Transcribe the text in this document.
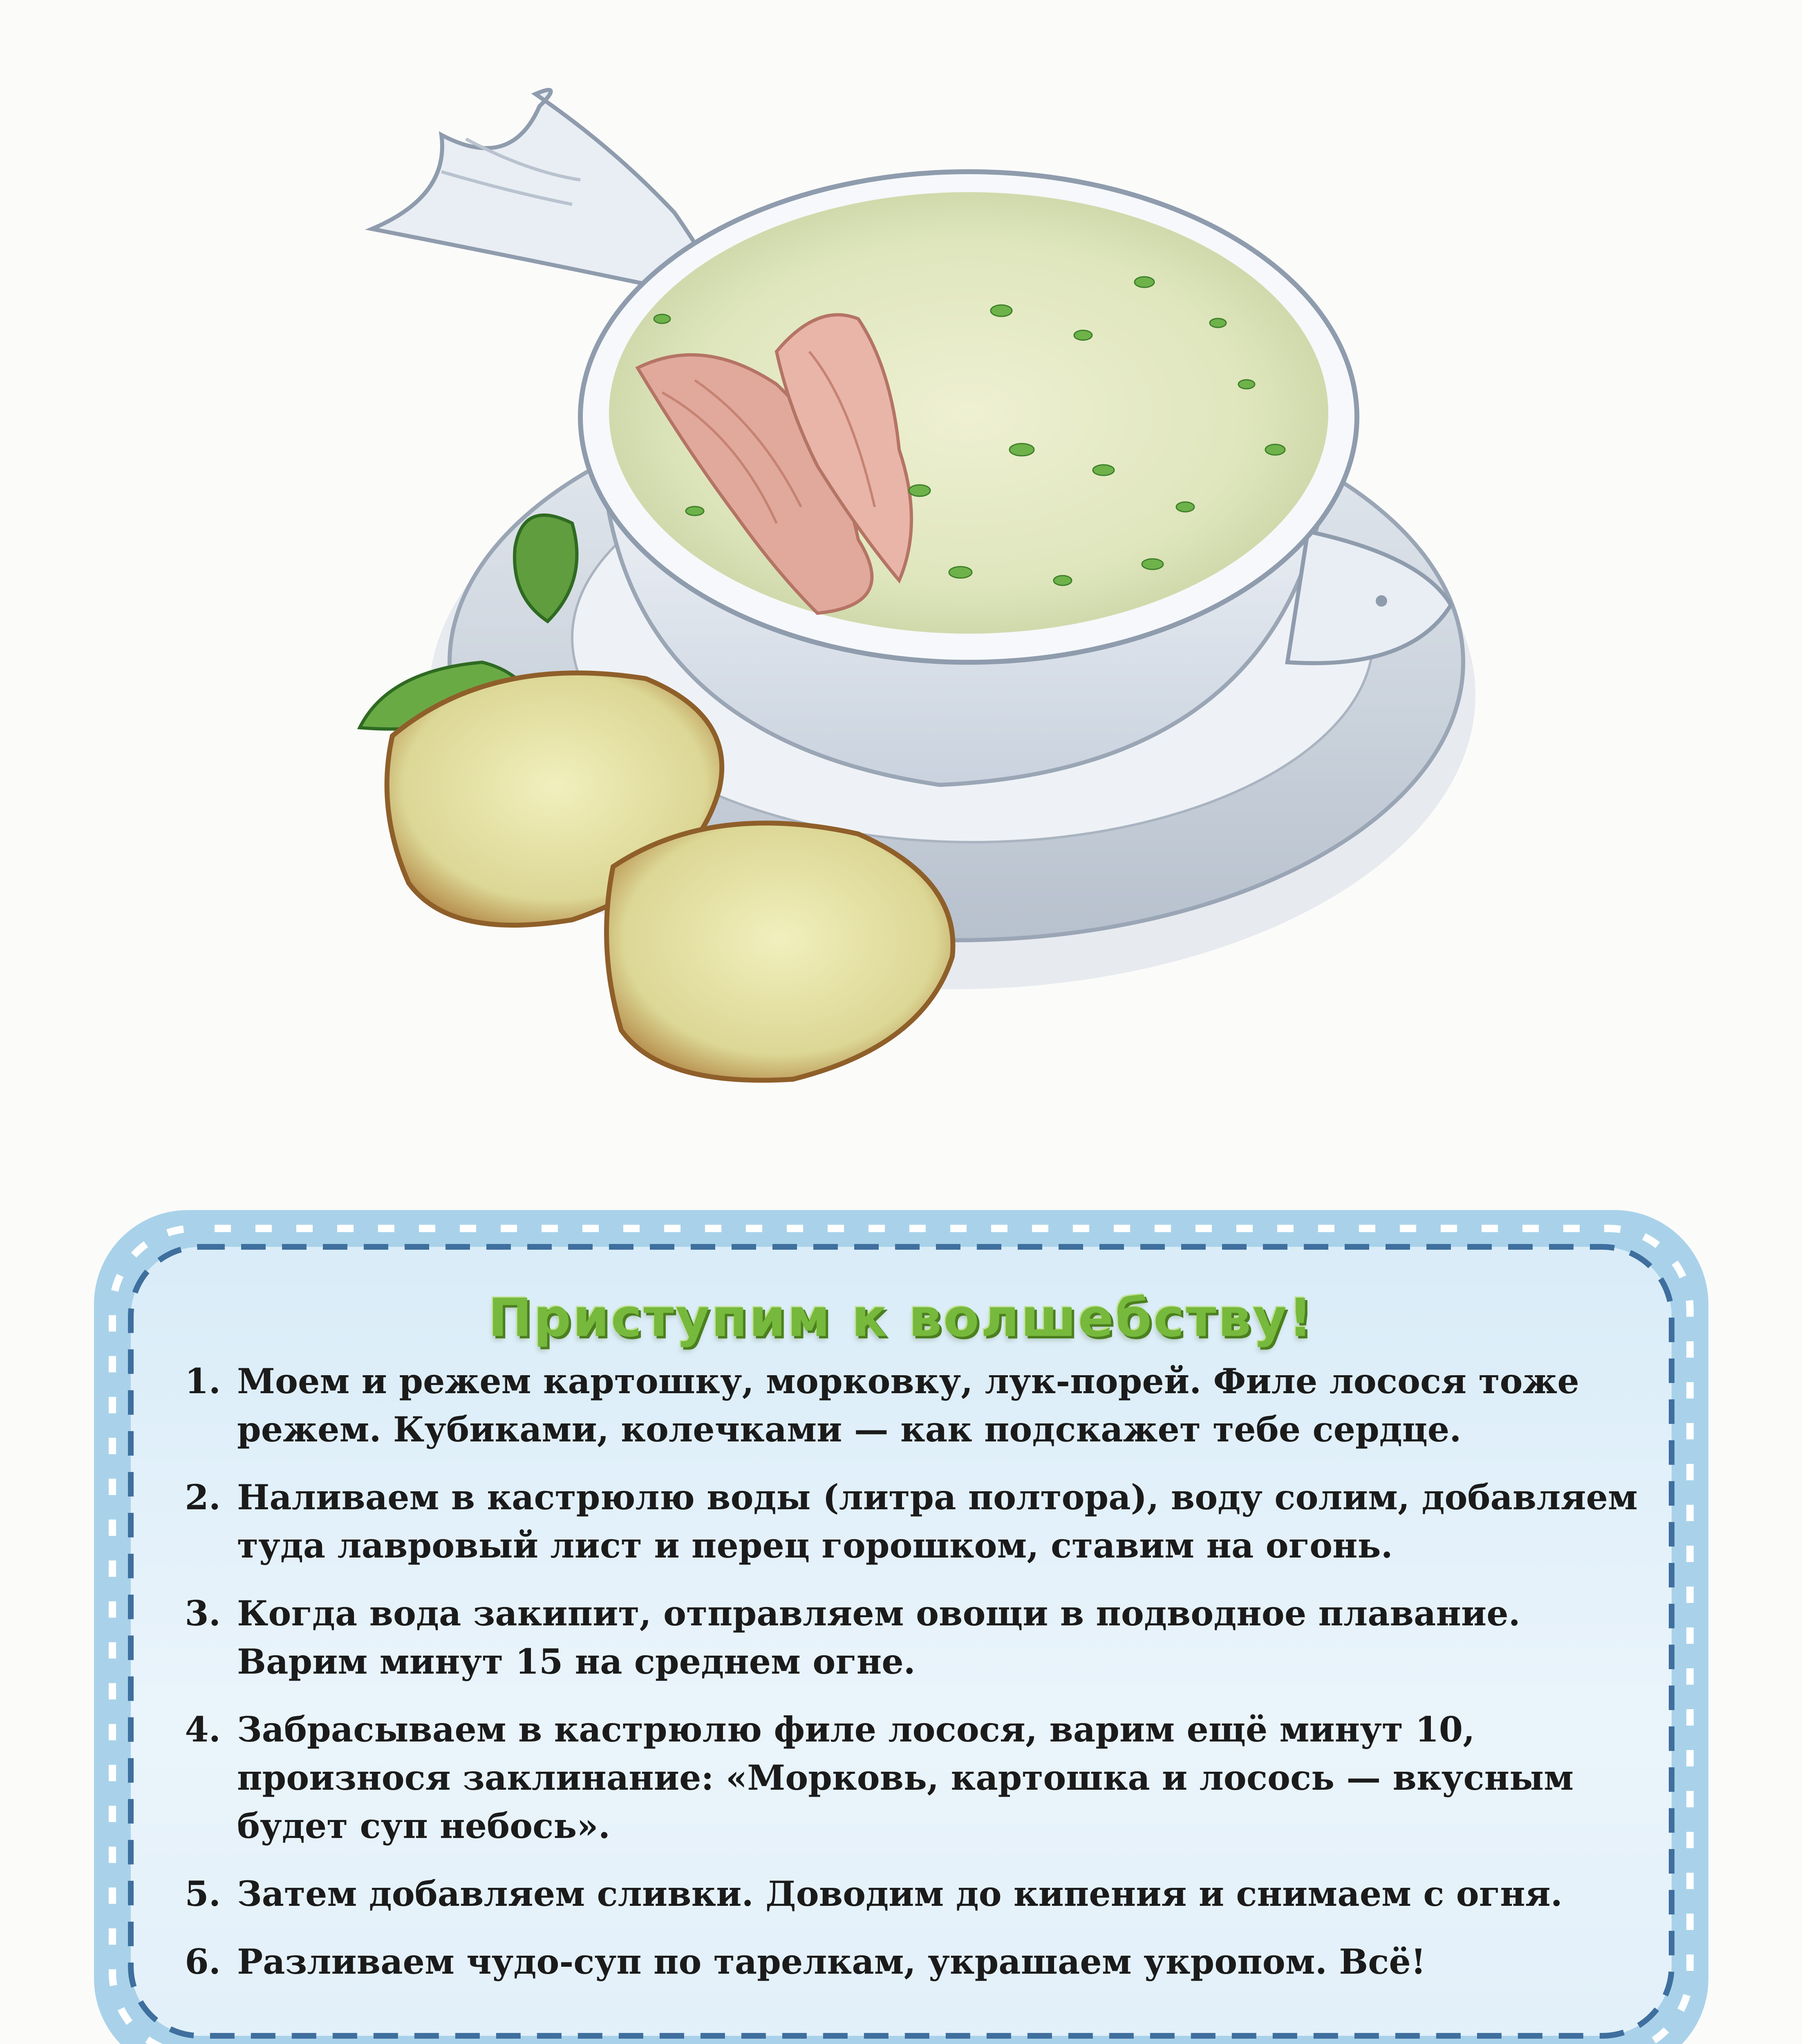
Приступим к волшебству!
1. Моем и режем картошку, морковку, лук-порей. Филе лосося тоже режем. Кубиками, колечками — как подскажет тебе сердце.
2. Наливаем в кастрюлю воды (литра полтора), воду солим, добавляем туда лавровый лист и перец горошком, ставим на огонь.
3. Когда вода закипит, отправляем овощи в подводное плавание. Варим минут 15 на среднем огне.
4. Забрасываем в кастрюлю филе лосося, варим ещё минут 10, произнося заклинание: «Морковь, картошка и лосось — вкусным будет суп небось».
5. Затем добавляем сливки. Доводим до кипения и снимаем с огня.
6. Разливаем чудо-суп по тарелкам, украшаем укропом. Всё!
